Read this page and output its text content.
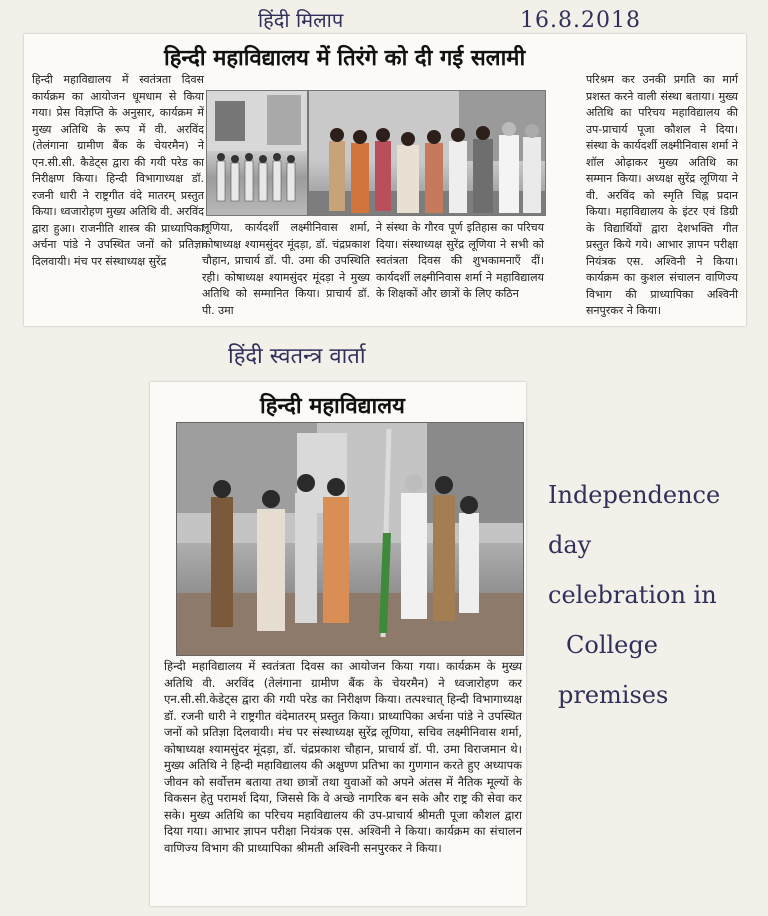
हिंदी मिलाप	16.8.2018
हिन्दी महाविद्यालय में तिरंगे को दी गई सलामी
हिन्दी महाविद्यालय में स्वतंत्रता दिवस कार्यक्रम का आयोजन धूमधाम से किया गया। प्रेस विज्ञप्ति के अनुसार, कार्यक्रम में मुख्य अतिथि के रूप में वी. अरविंद (तेलंगाना ग्रामीण बैंक के चेयरमैन) ने एन.सी.सी. कैडेट्स द्वारा की गयी परेड का निरीक्षण किया। हिन्दी विभागाध्यक्ष डॉ. रजनी धारी ने राष्ट्रगीत वंदे मातरम् प्रस्तुत किया। ध्वजारोहण मुख्य अतिथि वी. अरविंद द्वारा हुआ। राजनीति शास्त्र की प्राध्यापिका अर्चना पांडे ने उपस्थित जनों को प्रतिज्ञा दिलवायी। मंच पर संस्थाध्यक्ष सुरेंद्र
लूणिया, कार्यदर्शी लक्ष्मीनिवास शर्मा, कोषाध्यक्ष श्यामसुंदर मूंदड़ा, डॉ. चंद्रप्रकाश चौहान, प्राचार्य डॉ. पी. उमा की उपस्थिति रही। कोषाध्यक्ष श्यामसुंदर मूंदड़ा ने मुख्य अतिथि को सम्मानित किया। प्राचार्य डॉ. पी. उमा
ने संस्था के गौरव पूर्ण इतिहास का परिचय दिया। संस्थाध्यक्ष सुरेंद्र लूणिया ने सभी को स्वतंत्रता दिवस की शुभकामनाएँ दीं। कार्यदर्शी लक्ष्मीनिवास शर्मा ने महाविद्यालय के शिक्षकों और छात्रों के लिए कठिन
परिश्रम कर उनकी प्रगति का मार्ग प्रशस्त करने वाली संस्था बताया। मुख्य अतिथि का परिचय महाविद्यालय की उप-प्राचार्य पूजा कौशल ने दिया। संस्था के कार्यदर्शी लक्ष्मीनिवास शर्मा ने शॉल ओढ़ाकर मुख्य अतिथि का सम्मान किया। अध्यक्ष सुरेंद्र लूणिया ने वी. अरविंद को स्मृति चिह्न प्रदान किया। महाविद्यालय के इंटर एवं डिग्री के विद्यार्थियों द्वारा देशभक्ति गीत प्रस्तुत किये गये। आभार ज्ञापन परीक्षा नियंत्रक एस. अश्विनी ने किया। कार्यक्रम का कुशल संचालन वाणिज्य विभाग की प्राध्यापिका अश्विनी सनपुरकर ने किया।
हिंदी स्वतन्त्र वार्ता
हिन्दी महाविद्यालय

हिन्दी महाविद्यालय में स्वतंत्रता दिवस का आयोजन किया गया। कार्यक्रम के मुख्य अतिथि वी. अरविंद (तेलंगाना ग्रामीण बैंक के चेयरमैन) ने ध्वजारोहण कर एन.सी.सी.केडेट्स द्वारा की गयी परेड का निरीक्षण किया। तत्पश्चात् हिन्दी विभागाध्यक्ष डॉ. रजनी धारी ने राष्ट्रगीत वंदेमातरम् प्रस्तुत किया। प्राध्यापिका अर्चना पांडे ने उपस्थित जनों को प्रतिज्ञा दिलवायी। मंच पर संस्थाध्यक्ष सुरेंद्र लूणिया, सचिव लक्ष्मीनिवास शर्मा, कोषाध्यक्ष श्यामसुंदर मूंदड़ा, डॉ. चंद्रप्रकाश चौहान, प्राचार्य डॉ. पी. उमा विराजमान थे। मुख्य अतिथि ने हिन्दी महाविद्यालय की अक्षुण्ण प्रतिभा का गुणगान करते हुए अध्यापक जीवन को सर्वोत्तम बताया तथा छात्रों तथा युवाओं को अपने अंतस में नैतिक मूल्यों के विकसन हेतु परामर्श दिया, जिससे कि वे अच्छे नागरिक बन सके और राष्ट्र की सेवा कर सके। मुख्य अतिथि का परिचय महाविद्यालय की उप-प्राचार्य श्रीमती पूजा कौशल द्वारा दिया गया। आभार ज्ञापन परीक्षा नियंत्रक एस. अश्विनी ने किया। कार्यक्रम का संचालन वाणिज्य विभाग की प्राध्यापिका श्रीमती अश्विनी सनपुरकर ने किया।

Independence
day
celebration in
College
premises
